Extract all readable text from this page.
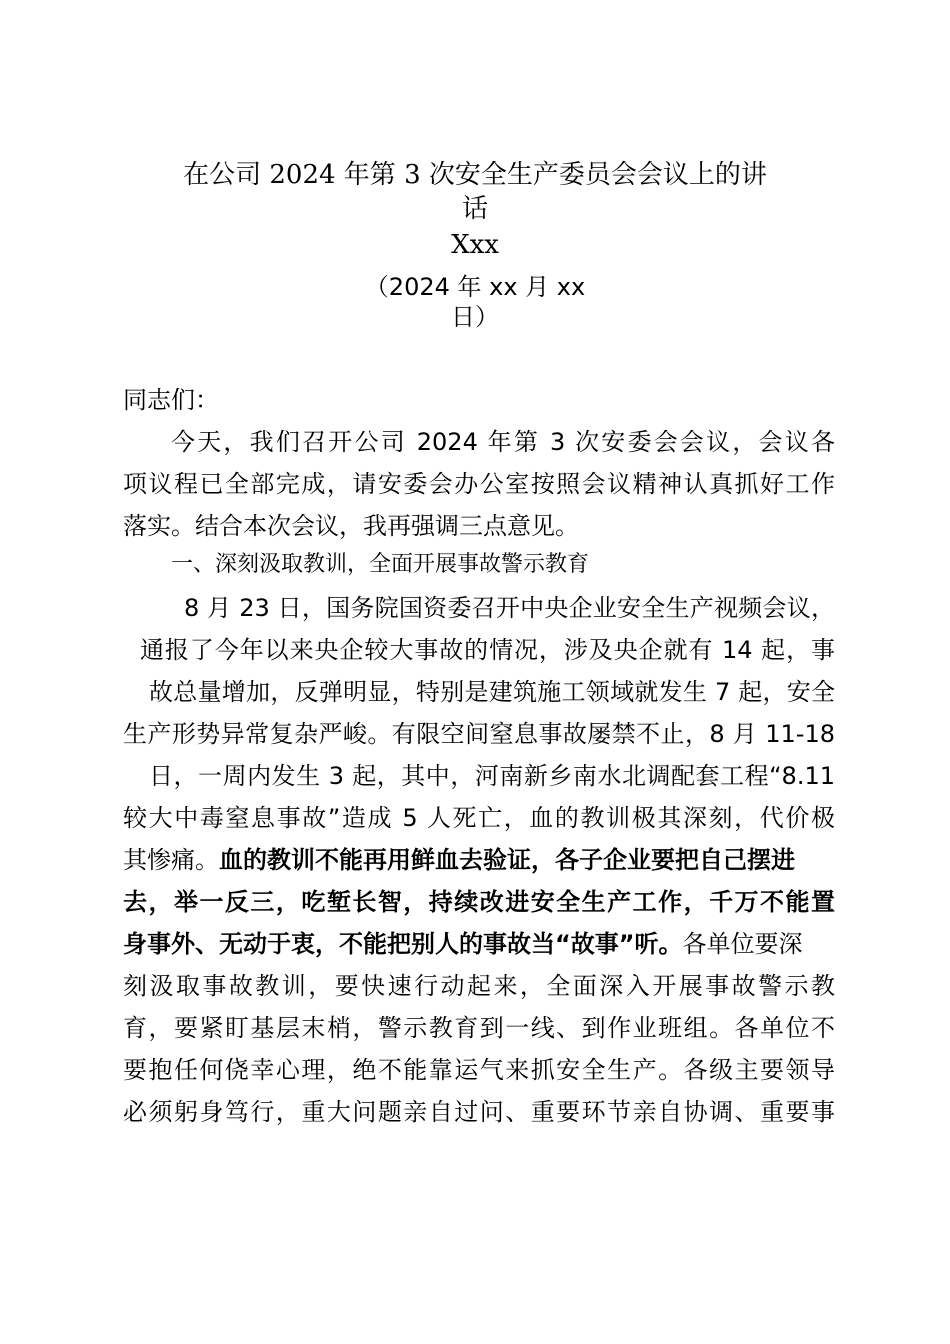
在公司 2024 年第 3 次安全生产委员会会议上的讲
话
Xxx
（2024 年 xx 月 xx
日）
同志们：
今天，我们召开公司 2024 年第 3 次安委会会议，会议各
项议程已全部完成，请安委会办公室按照会议精神认真抓好工作
落实。结合本次会议，我再强调三点意见。
一、深刻汲取教训，全面开展事故警示教育
8 月 23 日，国务院国资委召开中央企业安全生产视频会议，
通报了今年以来央企较大事故的情况，涉及央企就有 14 起，事
故总量增加，反弹明显，特别是建筑施工领域就发生 7 起，安全
生产形势异常复杂严峻。有限空间窒息事故屡禁不止，8 月 11-18
日，一周内发生 3 起，其中，河南新乡南水北调配套工程“8.11
较大中毒窒息事故”造成 5 人死亡，血的教训极其深刻，代价极
其惨痛。血的教训不能再用鲜血去验证，各子企业要把自己摆进
去，举一反三，吃堑长智，持续改进安全生产工作，千万不能置
身事外、无动于衷，不能把别人的事故当“故事”听。各单位要深
刻汲取事故教训，要快速行动起来，全面深入开展事故警示教
育，要紧盯基层末梢，警示教育到一线、到作业班组。各单位不
要抱任何侥幸心理，绝不能靠运气来抓安全生产。各级主要领导
必须躬身笃行，重大问题亲自过问、重要环节亲自协调、重要事
